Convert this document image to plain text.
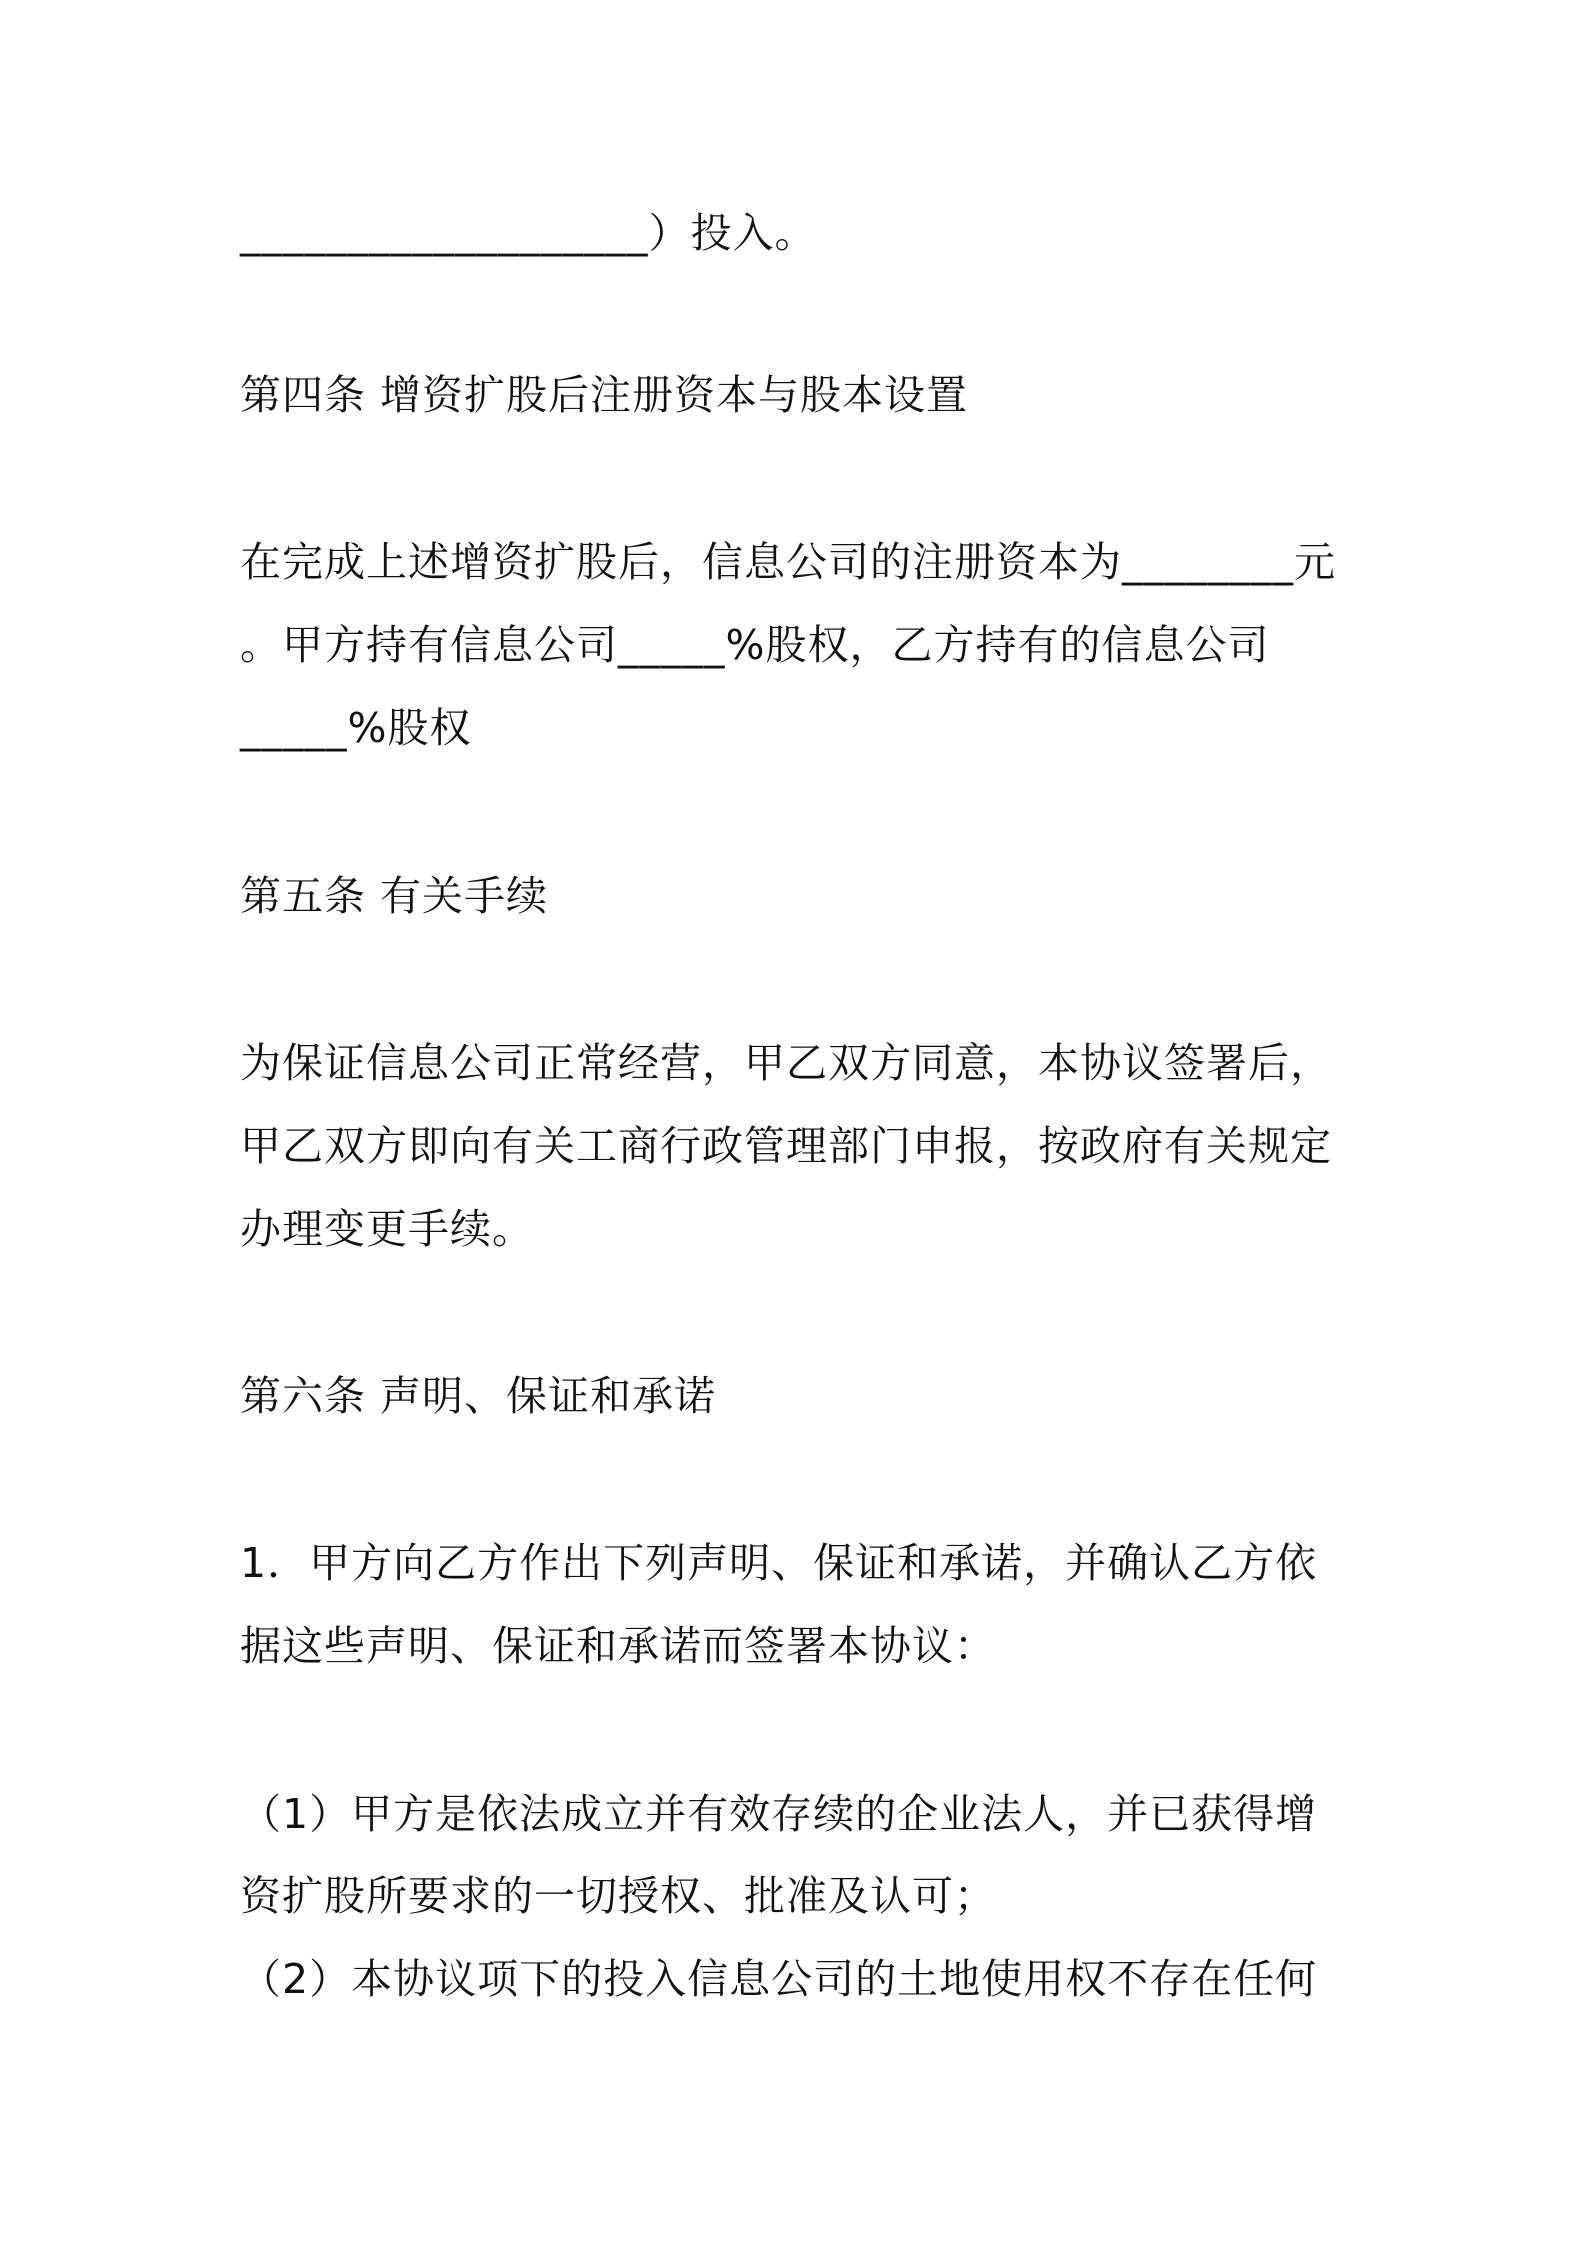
___________________）投入。
第四条 增资扩股后注册资本与股本设置
在完成上述增资扩股后，信息公司的注册资本为________元
。甲方持有信息公司_____%股权，乙方持有的信息公司
_____%股权
第五条 有关手续
为保证信息公司正常经营，甲乙双方同意，本协议签署后，
甲乙双方即向有关工商行政管理部门申报，按政府有关规定
办理变更手续。
第六条 声明、保证和承诺
1．甲方向乙方作出下列声明、保证和承诺，并确认乙方依
据这些声明、保证和承诺而签署本协议：
（1）甲方是依法成立并有效存续的企业法人，并已获得增
资扩股所要求的一切授权、批准及认可；
（2）本协议项下的投入信息公司的土地使用权不存在任何
